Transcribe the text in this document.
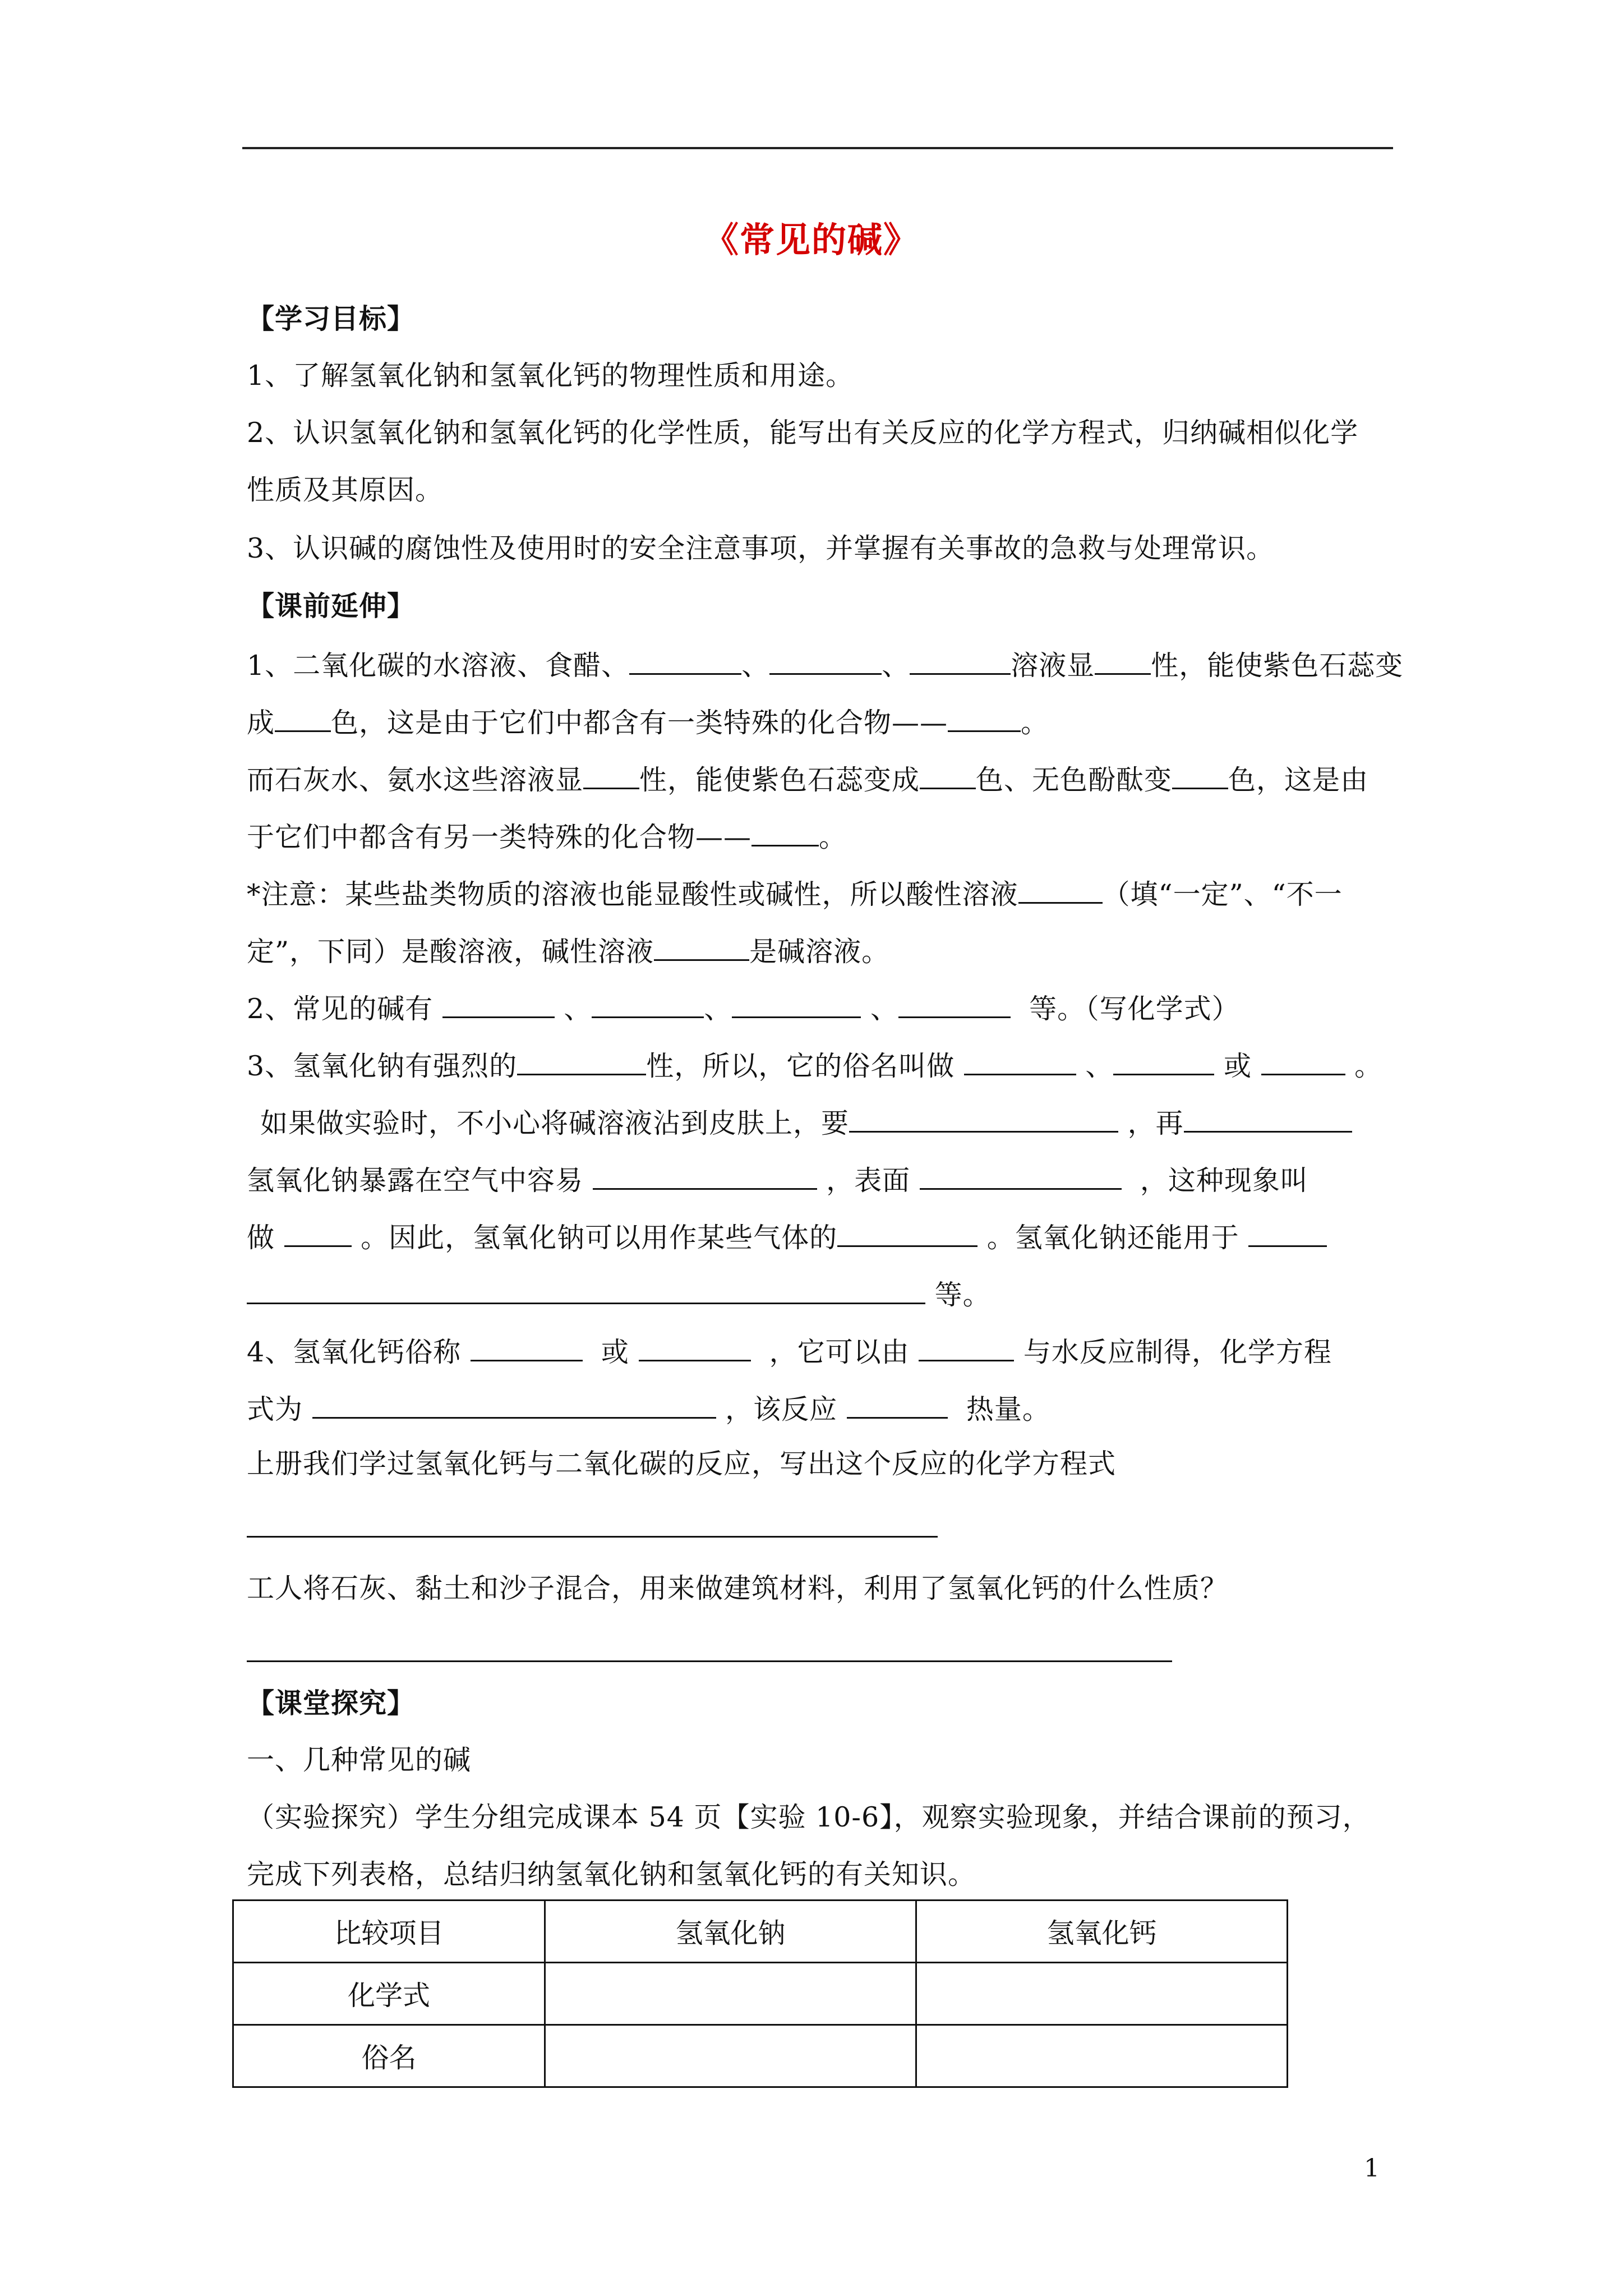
《常见的碱》
【学习目标】
1、了解氢氧化钠和氢氧化钙的物理性质和用途。
2、认识氢氧化钠和氢氧化钙的化学性质，能写出有关反应的化学方程式，归纳碱相似化学
性质及其原因。
3、认识碱的腐蚀性及使用时的安全注意事项，并掌握有关事故的急救与处理常识。
【课前延伸】
1、二氧化碳的水溶液、食醋、	、	、	溶液显 性，能使紫色石蕊变
成 色，这是由于它们中都含有一类特殊的化合物——	。
而石灰水、氨水这些溶液显 性，能使紫色石蕊变成 色、无色酚酞变 色，这是由
于它们中都含有另一类特殊的化合物—— 。
*注意：某些盐类物质的溶液也能显酸性或碱性，所以酸性溶液	（填“一定”、“不一
定”，下同）是酸溶液，碱性溶液	是碱溶液。
2、常见的碱有	、	、	、	等。（写化学式）
3、氢氧化钠有强烈的	性，所以，它的俗名叫做	、	或	。
如果做实验时，不小心将碱溶液沾到皮肤上，要	，再
氢氧化钠暴露在空气中容易	，表面	，这种现象叫
做	。因此，氢氧化钠可以用作某些气体的	。氢氧化钠还能用于
等。
4、氢氧化钙俗称	或	，它可以由	与水反应制得，化学方程
式为	，该反应	热量。
上册我们学过氢氧化钙与二氧化碳的反应，写出这个反应的化学方程式
工人将石灰、黏土和沙子混合，用来做建筑材料，利用了氢氧化钙的什么性质？
【课堂探究】
一、几种常见的碱
（实验探究）学生分组完成课本 54 页【实验 10-6】，观察实验现象，并结合课前的预习，
完成下列表格，总结归纳氢氧化钠和氢氧化钙的有关知识。
比较项目	氢氧化钠	氢氧化钙
化学式		
俗名		
1
